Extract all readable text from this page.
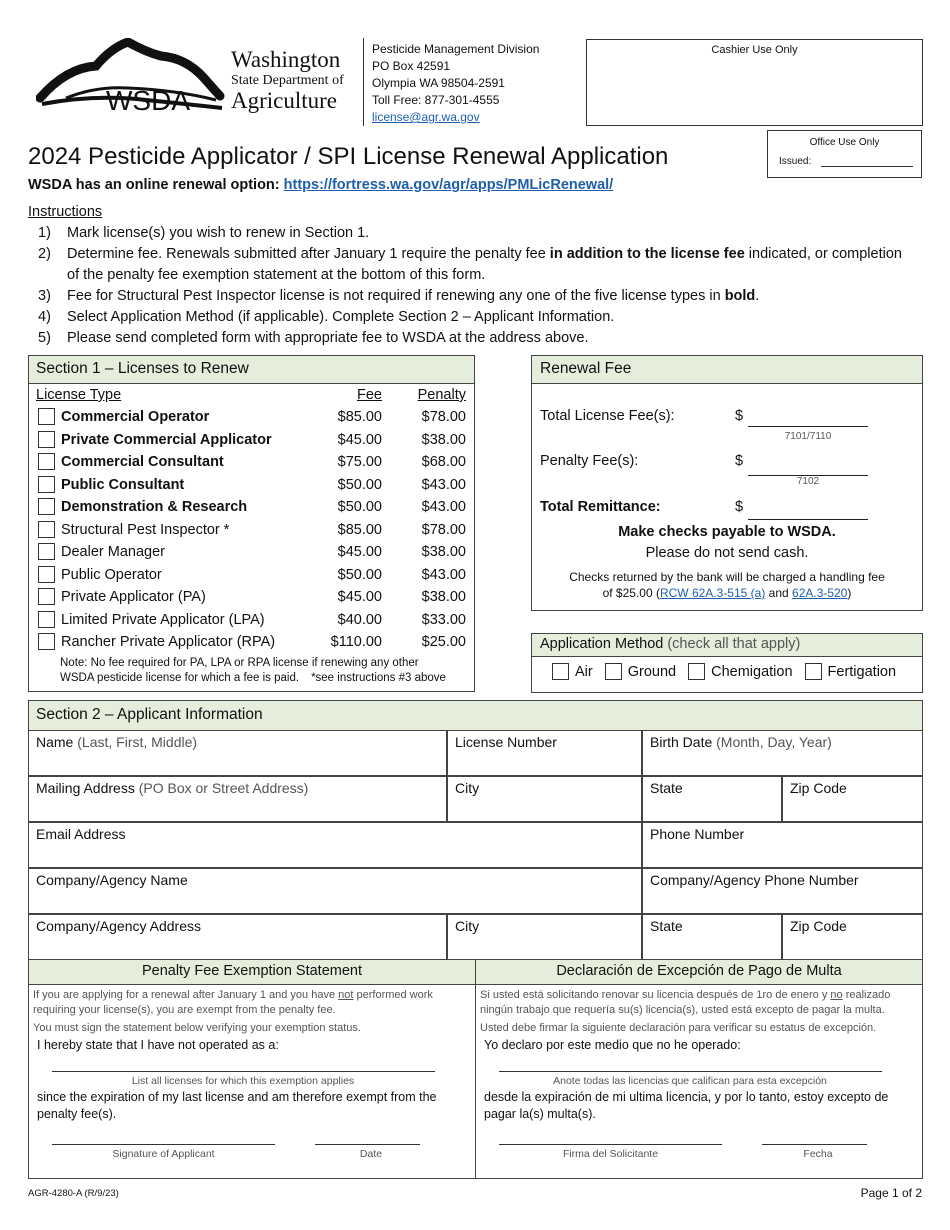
WSDA
Washington
State Department of
Agriculture
Pesticide Management Division
PO Box 42591
Olympia WA 98504-2591
Toll Free: 877-301-4555
license@agr.wa.gov
Cashier Use Only
Office Use Only
Issued:
2024 Pesticide Applicator / SPI License Renewal Application
WSDA has an online renewal option: https://fortress.wa.gov/agr/apps/PMLicRenewal/
Instructions
1)	Mark license(s) you wish to renew in Section 1.
2)	Determine fee. Renewals submitted after January 1 require the penalty fee in addition to the license fee indicated, or completion of the penalty fee exemption statement at the bottom of this form.
3)	Fee for Structural Pest Inspector license is not required if renewing any one of the five license types in bold.
4)	Select Application Method (if applicable). Complete Section 2 – Applicant Information.
5)	Please send completed form with appropriate fee to WSDA at the address above.
Section 1 – Licenses to Renew
License Type	Fee Penalty
Commercial Operator	$85.00	$78.00
Private Commercial Applicator	$45.00	$38.00
Commercial Consultant	$75.00	$68.00
Public Consultant	$50.00	$43.00
Demonstration & Research	$50.00	$43.00
Structural Pest Inspector *	$85.00	$78.00
Dealer Manager	$45.00	$38.00
Public Operator	$50.00	$43.00
Private Applicator (PA)	$45.00	$38.00
Limited Private Applicator (LPA)	$40.00	$33.00
Rancher Private Applicator (RPA)	$110.00	$25.00
Note: No fee required for PA, LPA or RPA license if renewing any other
WSDA pesticide license for which a fee is paid. *see instructions #3 above
Renewal Fee
Total License Fee(s):	$
7101/7110
Penalty Fee(s):	$
7102
Total Remittance:	$
Make checks payable to WSDA.
Please do not send cash.
Checks returned by the bank will be charged a handling fee
of $25.00 (RCW 62A.3-515 (a) and 62A.3-520)
Application Method (check all that apply)
Air Ground Chemigation Fertigation
Section 2 – Applicant Information
Name (Last, First, Middle)	License Number	Birth Date (Month, Day, Year)
Mailing Address (PO Box or Street Address)	City	State	Zip Code
Email Address	Phone Number
Company/Agency Name	Company/Agency Phone Number
Company/Agency Address	City	State	Zip Code
Penalty Fee Exemption Statement	Declaración de Excepción de Pago de Multa
If you are applying for a renewal after January 1 and you have not performed work requiring your license(s), you are exempt from the penalty fee.
You must sign the statement below verifying your exemption status.
I hereby state that I have not operated as a:
List all licenses for which this exemption applies
since the expiration of my last license and am therefore exempt from the penalty fee(s).
Signature of Applicant	Date
Si usted está solicitando renovar su licencia después de 1ro de enero y no realizado ningún trabajo que requería su(s) licencia(s), usted está excepto de pagar la multa.
Usted debe firmar la siguiente declaración para verificar su estatus de excepción.
Yo declaro por este medio que no he operado:
Anote todas las licencias que califican para esta excepción
desde la expiración de mi ultima licencia, y por lo tanto, estoy excepto de pagar la(s) multa(s).
Firma del Solicitante	Fecha
AGR-4280-A (R/9/23)	Page 1 of 2
